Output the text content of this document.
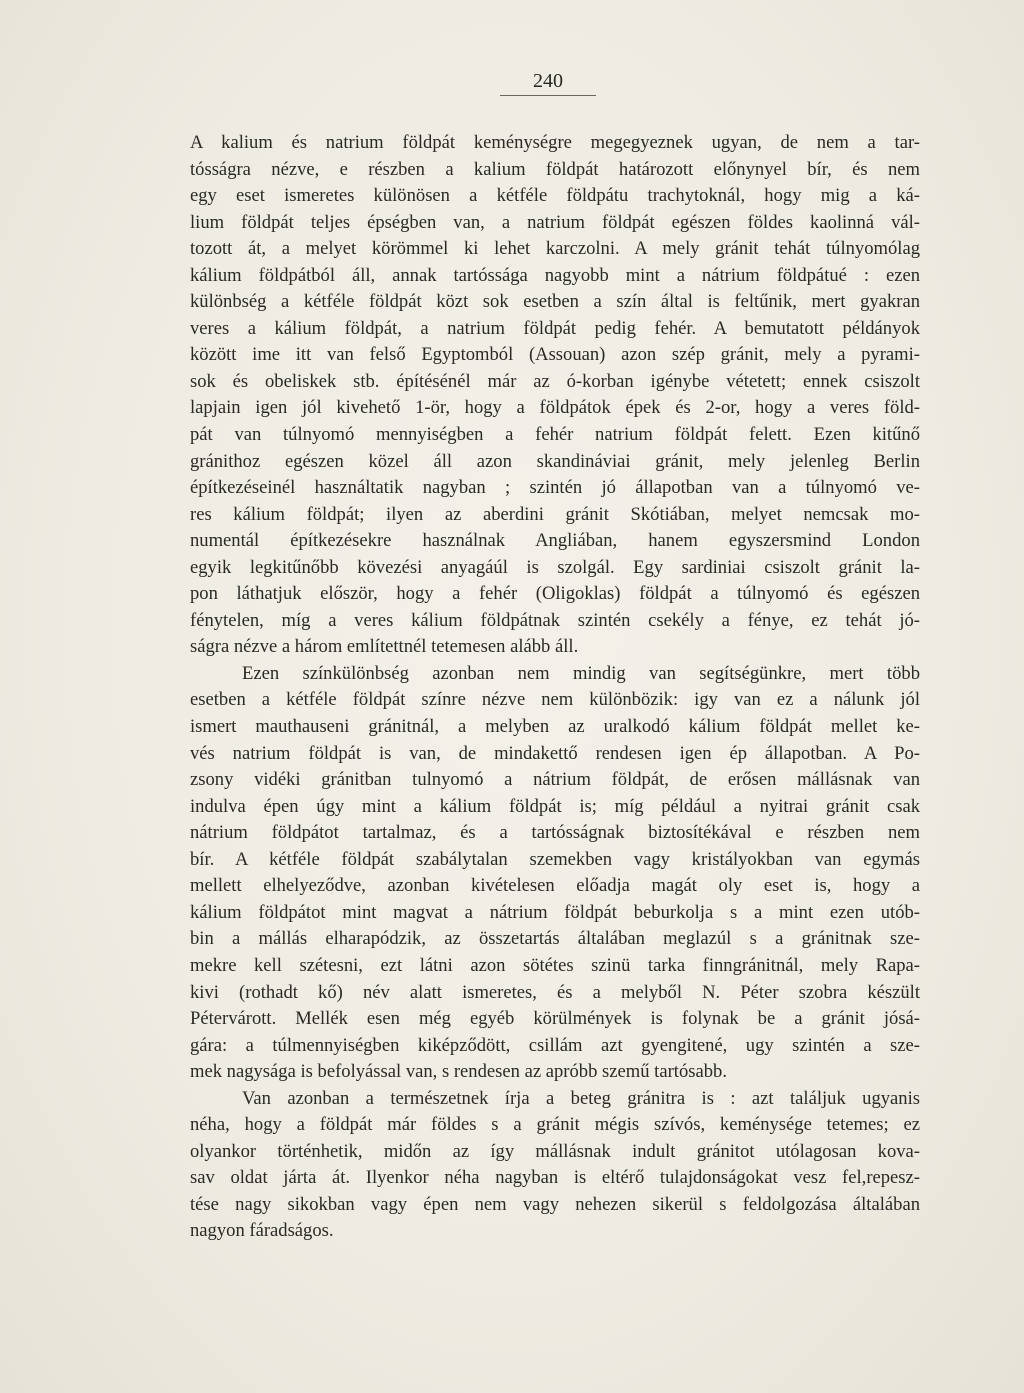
240
A kalium és natrium földpát keménységre megegyeznek ugyan, de nem a tar-
tósságra nézve, e részben a kalium földpát határozott előnynyel bír, és nem
egy eset ismeretes különösen a kétféle földpátu trachytoknál, hogy mig a ká-
lium földpát teljes épségben van, a natrium földpát egészen földes kaolinná vál-
tozott át, a melyet körömmel ki lehet karczolni. A mely gránit tehát túlnyomólag
kálium földpátból áll, annak tartóssága nagyobb mint a nátrium földpátué : ezen
különbség a kétféle földpát közt sok esetben a szín által is feltűnik, mert gyakran
veres a kálium földpát, a natrium földpát pedig fehér. A bemutatott példányok
között ime itt van felső Egyptomból (Assouan) azon szép gránit, mely a pyrami-
sok és obeliskek stb. építésénél már az ó-korban igénybe vétetett; ennek csiszolt
lapjain igen jól kivehető 1-ör, hogy a földpátok épek és 2-or, hogy a veres föld-
pát van túlnyomó mennyiségben a fehér natrium földpát felett. Ezen kitűnő
gránithoz egészen közel áll azon skandináviai gránit, mely jelenleg Berlin
építkezéseinél használtatik nagyban ; szintén jó állapotban van a túlnyomó ve-
res kálium földpát; ilyen az aberdini gránit Skótiában, melyet nemcsak mo-
numentál építkezésekre használnak Angliában, hanem egyszersmind London
egyik legkitűnőbb kövezési anyagáúl is szolgál. Egy sardiniai csiszolt gránit la-
pon láthatjuk először, hogy a fehér (Oligoklas) földpát a túlnyomó és egészen
fénytelen, míg a veres kálium földpátnak szintén csekély a fénye, ez tehát jó-
ságra nézve a három említettnél tetemesen alább áll.
Ezen színkülönbség azonban nem mindig van segítségünkre, mert több
esetben a kétféle földpát színre nézve nem különbözik: igy van ez a nálunk jól
ismert mauthauseni gránitnál, a melyben az uralkodó kálium földpát mellet ke-
vés natrium földpát is van, de mindakettő rendesen igen ép állapotban. A Po-
zsony vidéki gránitban tulnyomó a nátrium földpát, de erősen mállásnak van
indulva épen úgy mint a kálium földpát is; míg például a nyitrai gránit csak
nátrium földpátot tartalmaz, és a tartósságnak biztosítékával e részben nem
bír. A kétféle földpát szabálytalan szemekben vagy kristályokban van egymás
mellett elhelyeződve, azonban kivételesen előadja magát oly eset is, hogy a
kálium földpátot mint magvat a nátrium földpát beburkolja s a mint ezen utób-
bin a mállás elharapódzik, az összetartás általában meglazúl s a gránitnak sze-
mekre kell szétesni, ezt látni azon sötétes szinü tarka finngránitnál, mely Rapa-
kivi (rothadt kő) név alatt ismeretes, és a melyből N. Péter szobra készült
Pétervárott. Mellék esen még egyéb körülmények is folynak be a gránit jósá-
gára: a túlmennyiségben kiképződött, csillám azt gyengitené, ugy szintén a sze-
mek nagysága is befolyással van, s rendesen az apróbb szemű tartósabb.
Van azonban a természetnek írja a beteg gránitra is : azt találjuk ugyanis
néha, hogy a földpát már földes s a gránit mégis szívós, keménysége tetemes; ez
olyankor történhetik, midőn az így mállásnak indult gránitot utólagosan kova-
sav oldat járta át. Ilyenkor néha nagyban is eltérő tulajdonságokat vesz fel,repesz-
tése nagy sikokban vagy épen nem vagy nehezen sikerül s feldolgozása általában
nagyon fáradságos.
